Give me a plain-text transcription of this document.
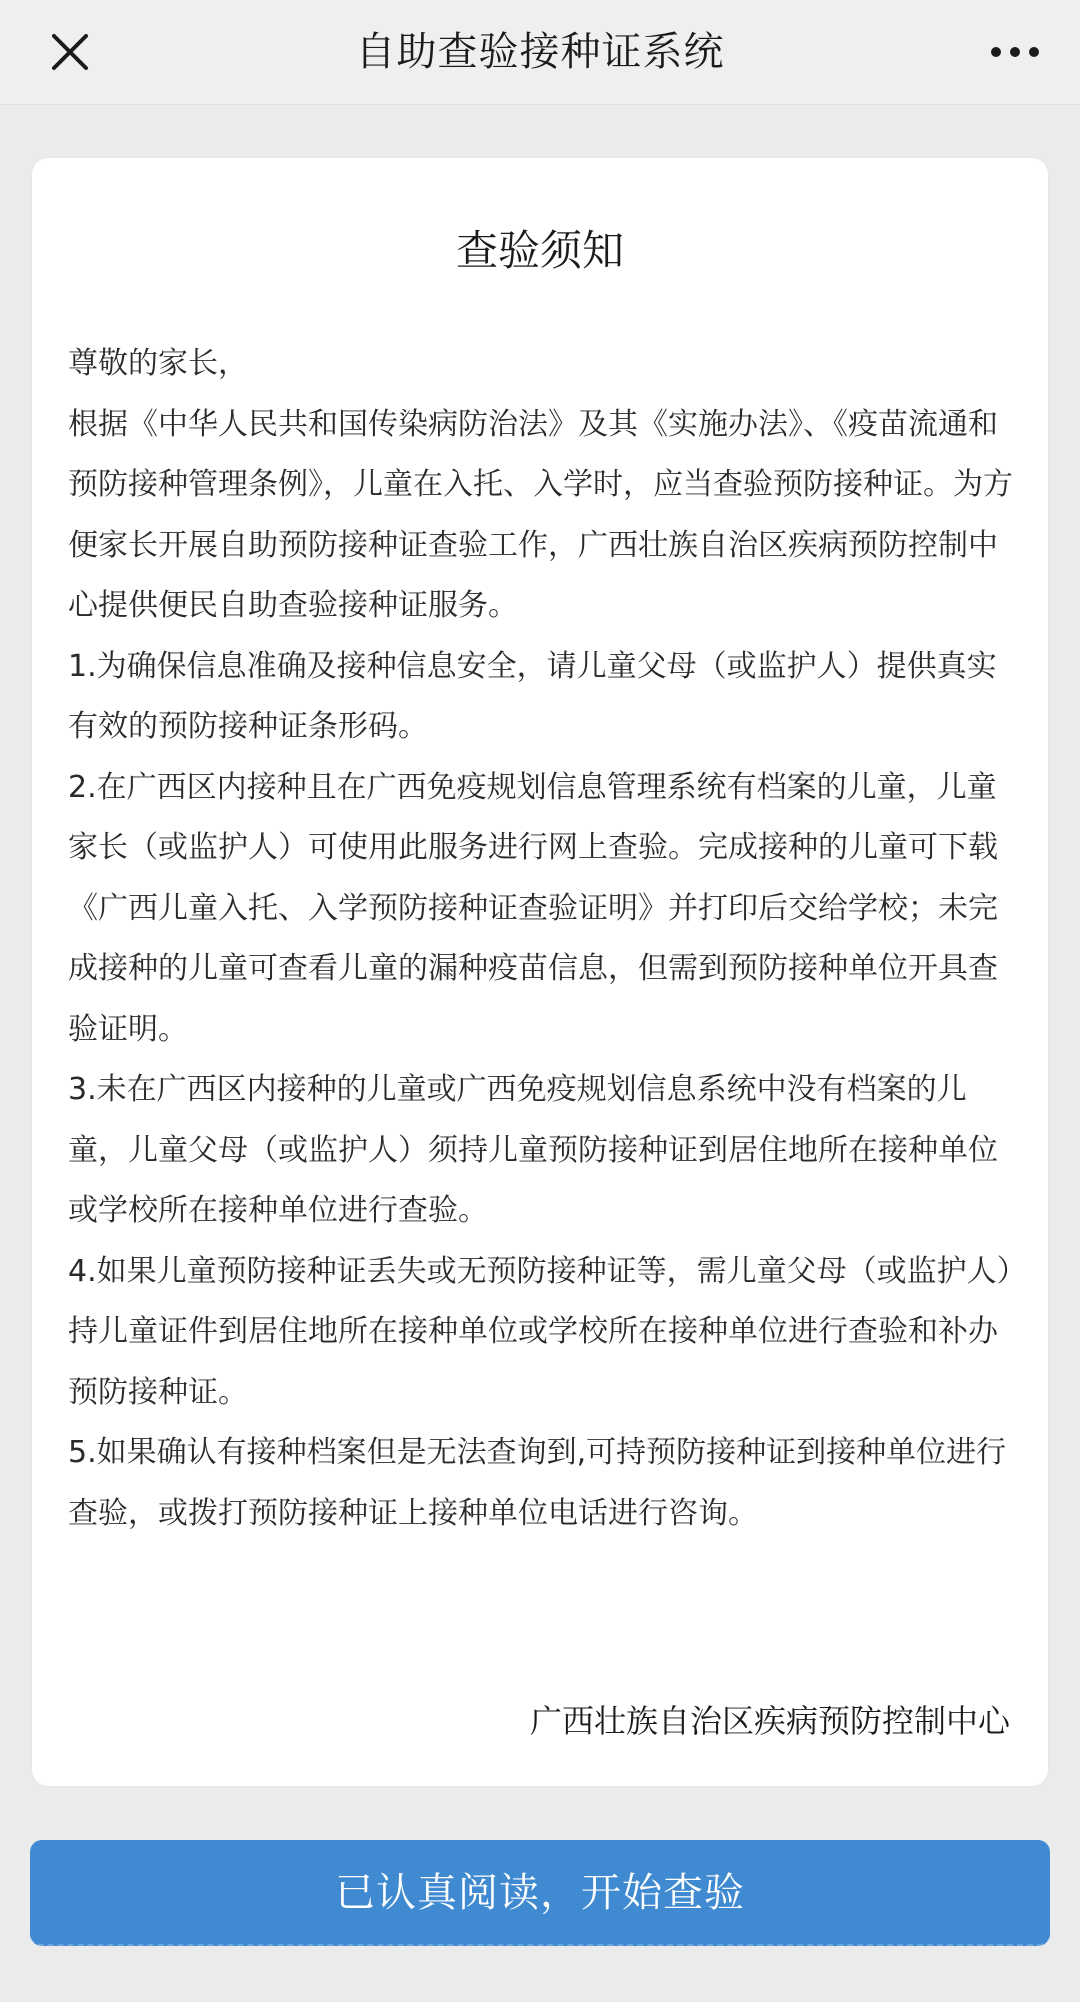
自助查验接种证系统
查验须知

尊敬的家长，

根据《中华人民共和国传染病防治法》及其《实施办法》、《疫苗流通和预防接种管理条例》，儿童在入托、入学时，应当查验预防接种证。为方便家长开展自助预防接种证查验工作，广西壮族自治区疾病预防控制中心提供便民自助查验接种证服务。

1.为确保信息准确及接种信息安全，请儿童父母（或监护人）提供真实有效的预防接种证条形码。

2.在广西区内接种且在广西免疫规划信息管理系统有档案的儿童，儿童家长（或监护人）可使用此服务进行网上查验。完成接种的儿童可下载《广西儿童入托、入学预防接种证查验证明》并打印后交给学校；未完成接种的儿童可查看儿童的漏种疫苗信息，但需到预防接种单位开具查验证明。

3.未在广西区内接种的儿童或广西免疫规划信息系统中没有档案的儿童，儿童父母（或监护人）须持儿童预防接种证到居住地所在接种单位或学校所在接种单位进行查验。

4.如果儿童预防接种证丢失或无预防接种证等，需儿童父母（或监护人）持儿童证件到居住地所在接种单位或学校所在接种单位进行查验和补办预防接种证。

5.如果确认有接种档案但是无法查询到,可持预防接种证到接种单位进行查验，或拨打预防接种证上接种单位电话进行咨询。

广西壮族自治区疾病预防控制中心
已认真阅读，开始查验
